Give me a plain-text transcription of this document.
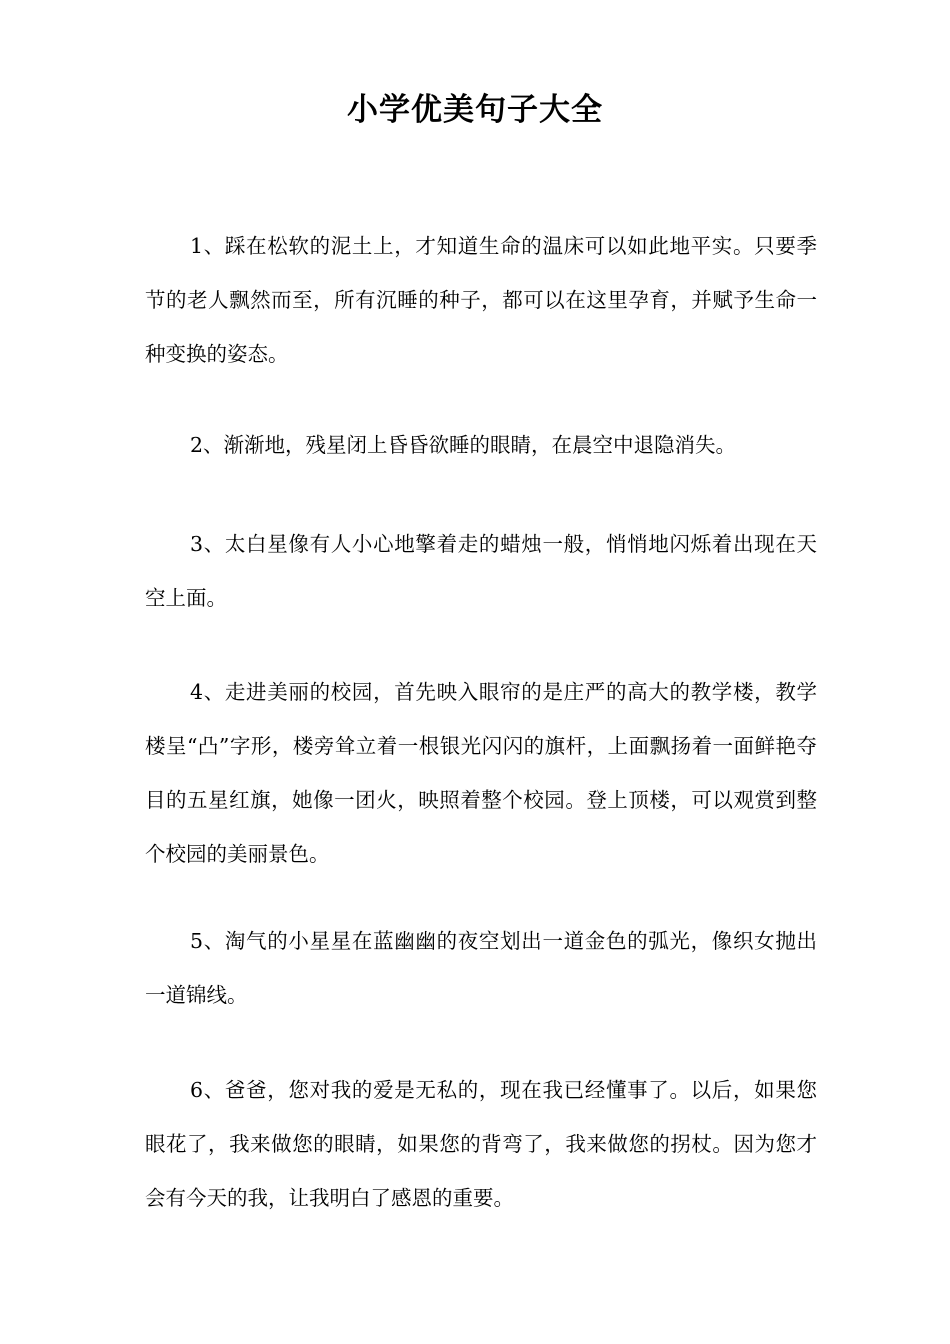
小学优美句子大全

1、踩在松软的泥土上，才知道生命的温床可以如此地平实。只要季节的老人飘然而至，所有沉睡的种子，都可以在这里孕育，并赋予生命一种变换的姿态。

2、渐渐地，残星闭上昏昏欲睡的眼睛，在晨空中退隐消失。

3、太白星像有人小心地擎着走的蜡烛一般，悄悄地闪烁着出现在天空上面。

4、走进美丽的校园，首先映入眼帘的是庄严的高大的教学楼，教学楼呈“凸”字形，楼旁耸立着一根银光闪闪的旗杆，上面飘扬着一面鲜艳夺目的五星红旗，她像一团火，映照着整个校园。登上顶楼，可以观赏到整个校园的美丽景色。

5、淘气的小星星在蓝幽幽的夜空划出一道金色的弧光，像织女抛出一道锦线。

6、爸爸，您对我的爱是无私的，现在我已经懂事了。以后，如果您眼花了，我来做您的眼睛，如果您的背弯了，我来做您的拐杖。因为您才会有今天的我，让我明白了感恩的重要。
